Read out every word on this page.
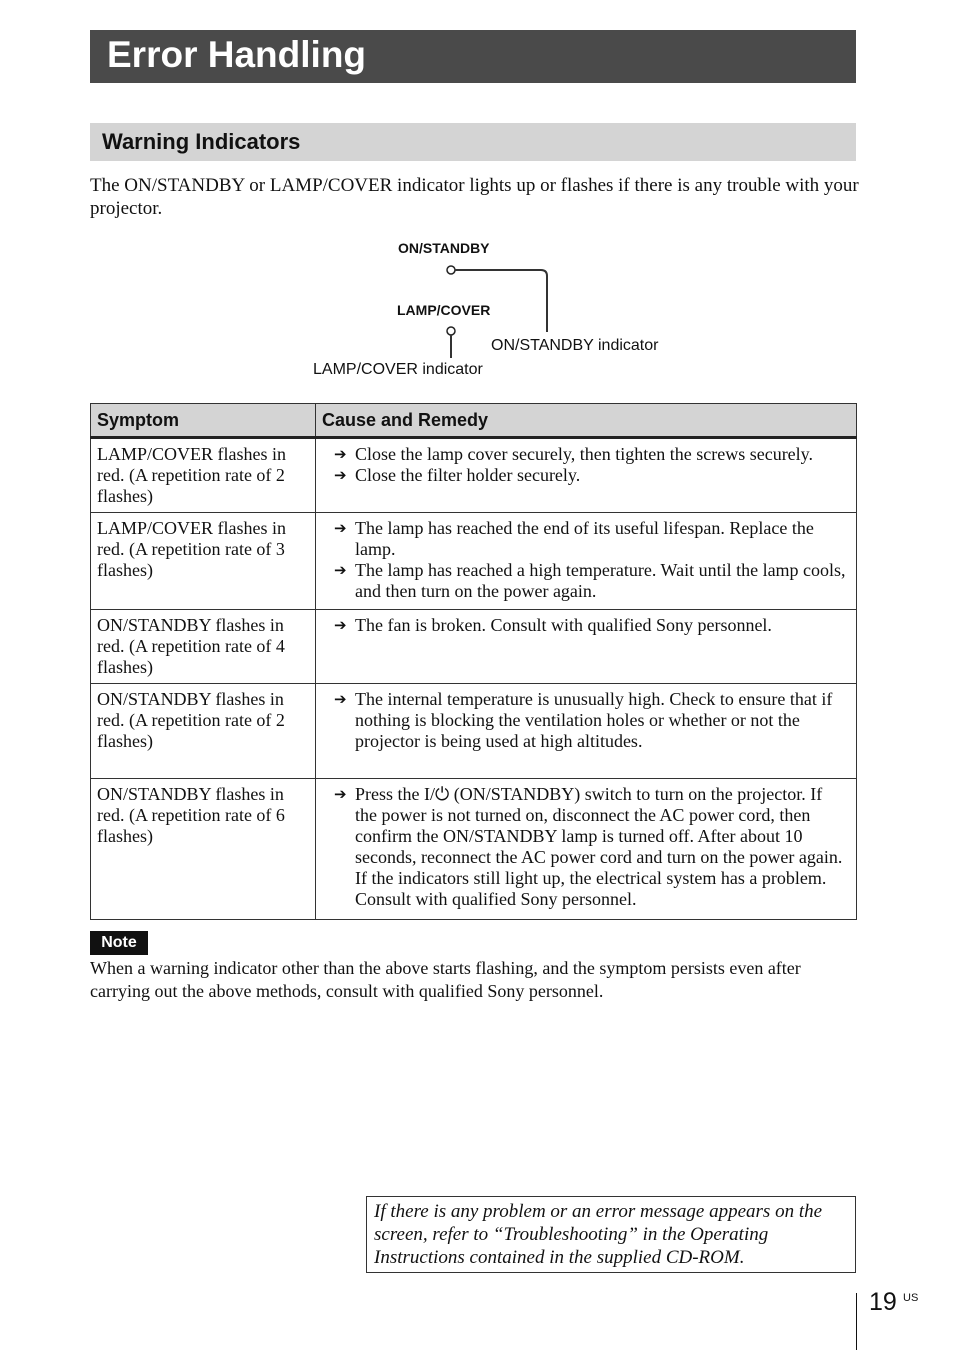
Error Handling
Warning Indicators
The ON/STANDBY or LAMP/COVER indicator lights up or flashes if there is any trouble with your projector.
ON/STANDBY
LAMP/COVER
ON/STANDBY indicator
LAMP/COVER indicator
Symptom	Cause and Remedy
LAMP/COVER flashes in red. (A repetition rate of 2 flashes)	➔ Close the lamp cover securely, then tighten the screws securely.
➔ Close the filter holder securely.

LAMP/COVER flashes in red. (A repetition rate of 3 flashes)	➔ The lamp has reached the end of its useful lifespan. Replace the lamp.
➔ The lamp has reached a high temperature. Wait until the lamp cools, and then turn on the power again.

ON/STANDBY flashes in red. (A repetition rate of 4 flashes)	➔ The fan is broken. Consult with qualified Sony personnel.

ON/STANDBY flashes in red. (A repetition rate of 2 flashes)	➔ The internal temperature is unusually high. Check to ensure that if nothing is blocking the ventilation holes or whether or not the projector is being used at high altitudes.

ON/STANDBY flashes in red. (A repetition rate of 6 flashes)	➔ Press the I/⏻ (ON/STANDBY) switch to turn on the projector. If the power is not turned on, disconnect the AC power cord, then confirm the ON/STANDBY lamp is turned off. After about 10 seconds, reconnect the AC power cord and turn on the power again. If the indicators still light up, the electrical system has a problem. Consult with qualified Sony personnel.
Note
When a warning indicator other than the above starts flashing, and the symptom persists even after carrying out the above methods, consult with qualified Sony personnel.
If there is any problem or an error message appears on the screen, refer to “Troubleshooting” in the Operating Instructions contained in the supplied CD-ROM.
19 US
